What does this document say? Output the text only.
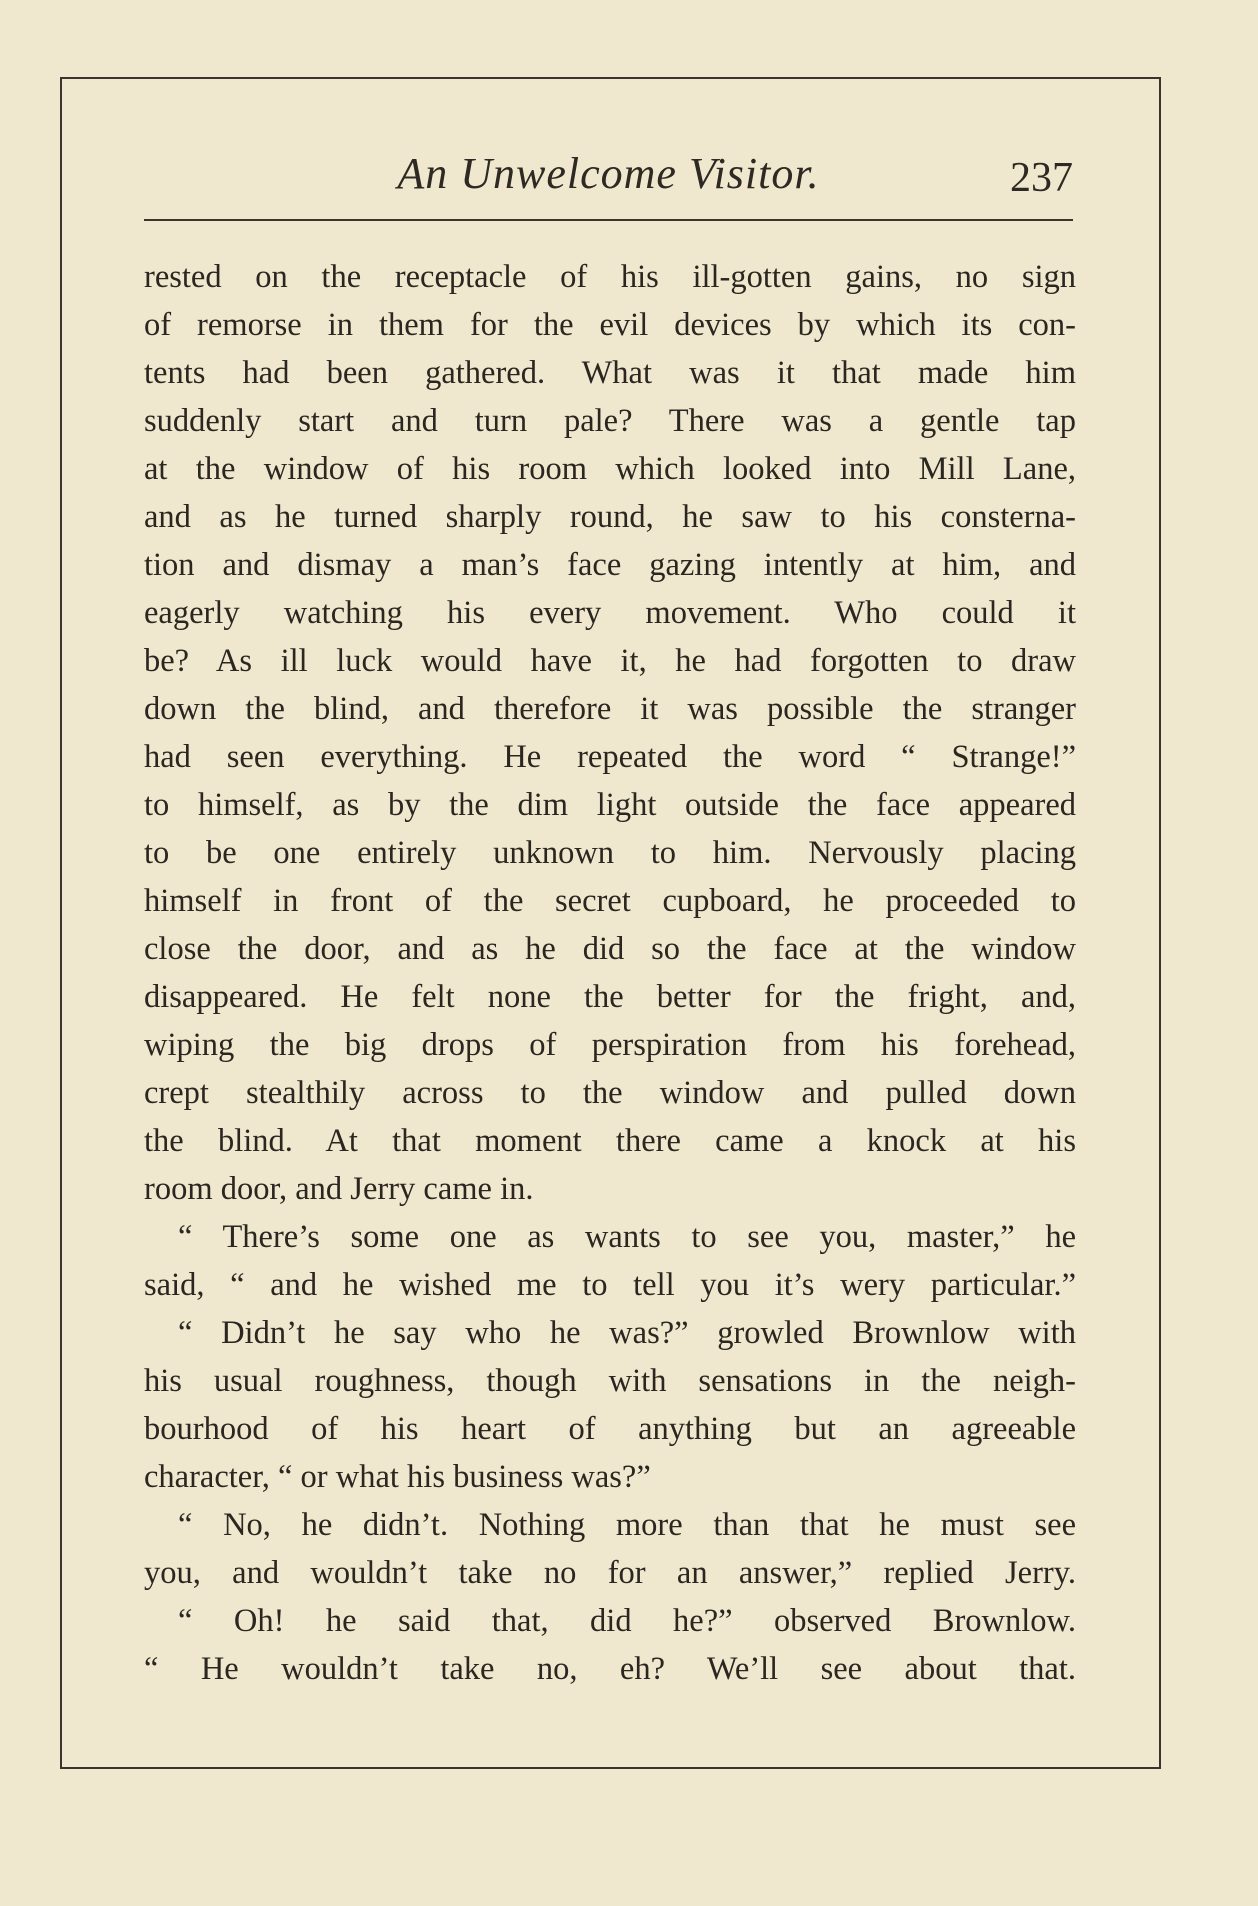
An Unwelcome Visitor.	237
rested on the receptacle of his ill-gotten gains, no sign
of remorse in them for the evil devices by which its con-
tents had been gathered. What was it that made him
suddenly start and turn pale? There was a gentle tap
at the window of his room which looked into Mill Lane,
and as he turned sharply round, he saw to his consterna-
tion and dismay a man’s face gazing intently at him, and
eagerly watching his every movement. Who could it
be? As ill luck would have it, he had forgotten to draw
down the blind, and therefore it was possible the stranger
had seen everything. He repeated the word “ Strange!”
to himself, as by the dim light outside the face appeared
to be one entirely unknown to him. Nervously placing
himself in front of the secret cupboard, he proceeded to
close the door, and as he did so the face at the window
disappeared. He felt none the better for the fright, and,
wiping the big drops of perspiration from his forehead,
crept stealthily across to the window and pulled down
the blind. At that moment there came a knock at his
room door, and Jerry came in.
“ There’s some one as wants to see you, master,” he
said, “ and he wished me to tell you it’s wery particular.”
“ Didn’t he say who he was?” growled Brownlow with
his usual roughness, though with sensations in the neigh-
bourhood of his heart of anything but an agreeable
character, “ or what his business was?”
“ No, he didn’t. Nothing more than that he must see
you, and wouldn’t take no for an answer,” replied Jerry.
“ Oh! he said that, did he?” observed Brownlow.
“ He wouldn’t take no, eh? We’ll see about that.
